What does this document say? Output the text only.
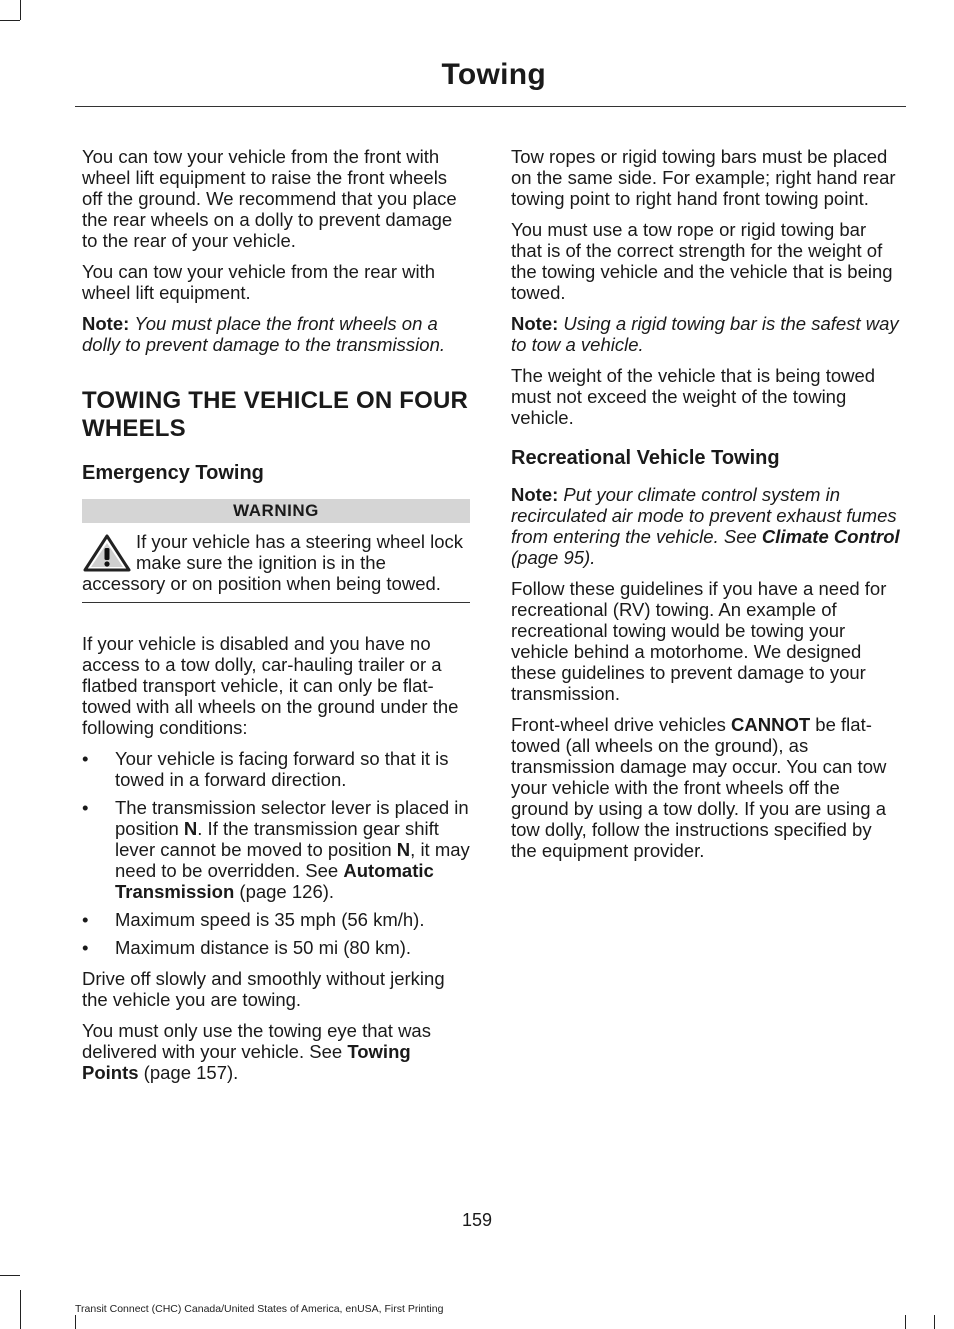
Towing

You can tow your vehicle from the front with wheel lift equipment to raise the front wheels off the ground. We recommend that you place the rear wheels on a dolly to prevent damage to the rear of your vehicle.

You can tow your vehicle from the rear with wheel lift equipment.

Note: You must place the front wheels on a dolly to prevent damage to the transmission.

TOWING THE VEHICLE ON FOUR WHEELS
Emergency Towing
WARNING
If your vehicle has a steering wheel lock make sure the ignition is in the accessory or on position when being towed.

If your vehicle is disabled and you have no access to a tow dolly, car-hauling trailer or a flatbed transport vehicle, it can only be flat-towed with all wheels on the ground under the following conditions:

• Your vehicle is facing forward so that it is towed in a forward direction.
• The transmission selector lever is placed in position N. If the transmission gear shift lever cannot be moved to position N, it may need to be overridden. See Automatic Transmission (page 126).
• Maximum speed is 35 mph (56 km/h).
• Maximum distance is 50 mi (80 km).

Drive off slowly and smoothly without jerking the vehicle you are towing.

You must only use the towing eye that was delivered with your vehicle. See Towing Points (page 157).

Tow ropes or rigid towing bars must be placed on the same side. For example; right hand rear towing point to right hand front towing point.

You must use a tow rope or rigid towing bar that is of the correct strength for the weight of the towing vehicle and the vehicle that is being towed.

Note: Using a rigid towing bar is the safest way to tow a vehicle.

The weight of the vehicle that is being towed must not exceed the weight of the towing vehicle.

Recreational Vehicle Towing

Note: Put your climate control system in recirculated air mode to prevent exhaust fumes from entering the vehicle. See Climate Control (page 95).

Follow these guidelines if you have a need for recreational (RV) towing. An example of recreational towing would be towing your vehicle behind a motorhome. We designed these guidelines to prevent damage to your transmission.

Front-wheel drive vehicles CANNOT be flat-towed (all wheels on the ground), as transmission damage may occur. You can tow your vehicle with the front wheels off the ground by using a tow dolly. If you are using a tow dolly, follow the instructions specified by the equipment provider.

159
Transit Connect (CHC) Canada/United States of America, enUSA, First Printing
